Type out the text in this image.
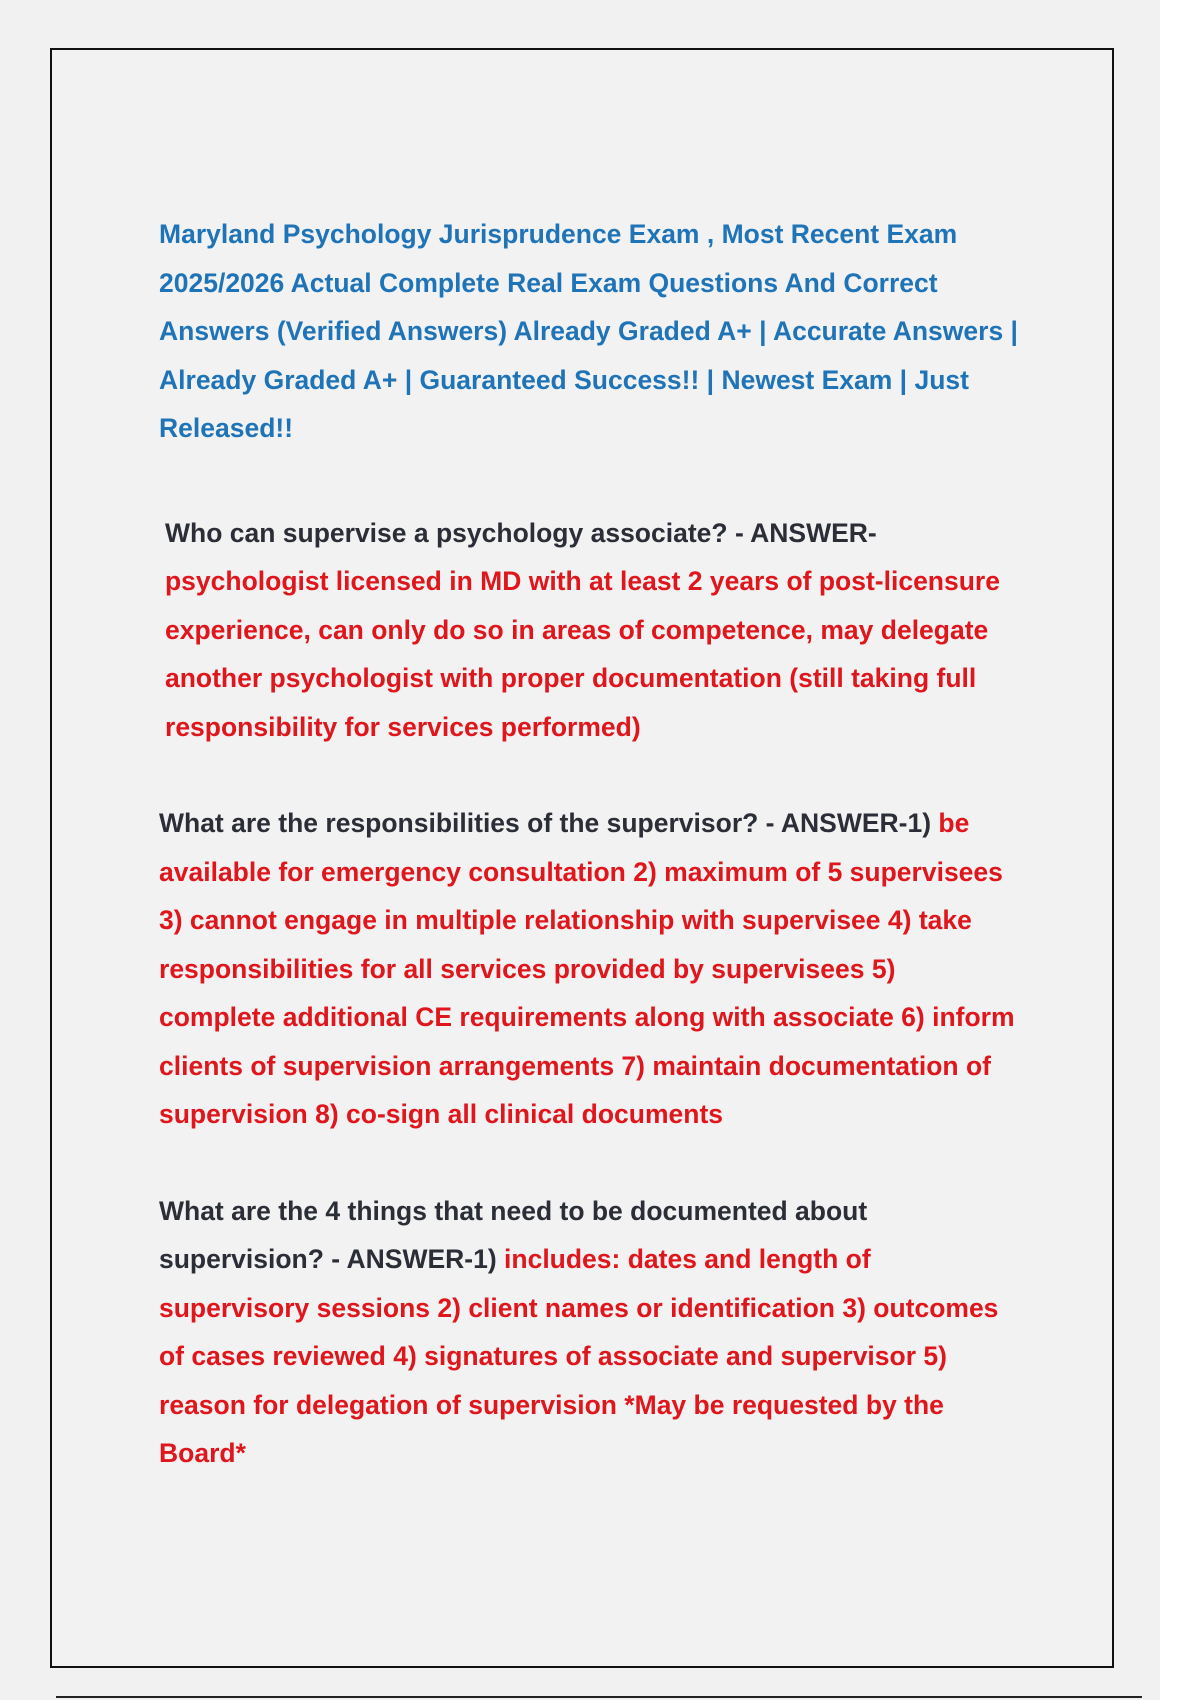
Maryland Psychology Jurisprudence Exam , Most Recent Exam 2025/2026 Actual Complete Real Exam Questions And Correct Answers (Verified Answers) Already Graded A+ | Accurate Answers | Already Graded A+ | Guaranteed Success!! | Newest Exam | Just Released!!

Who can supervise a psychology associate? - ANSWER-
psychologist licensed in MD with at least 2 years of post-licensure experience, can only do so in areas of competence, may delegate another psychologist with proper documentation (still taking full responsibility for services performed)

What are the responsibilities of the supervisor? - ANSWER-1) be available for emergency consultation 2) maximum of 5 supervisees 3) cannot engage in multiple relationship with supervisee 4) take responsibilities for all services provided by supervisees 5) complete additional CE requirements along with associate 6) inform clients of supervision arrangements 7) maintain documentation of supervision 8) co-sign all clinical documents

What are the 4 things that need to be documented about supervision? - ANSWER-1) includes: dates and length of supervisory sessions 2) client names or identification 3) outcomes of cases reviewed 4) signatures of associate and supervisor 5) reason for delegation of supervision *May be requested by the Board*
